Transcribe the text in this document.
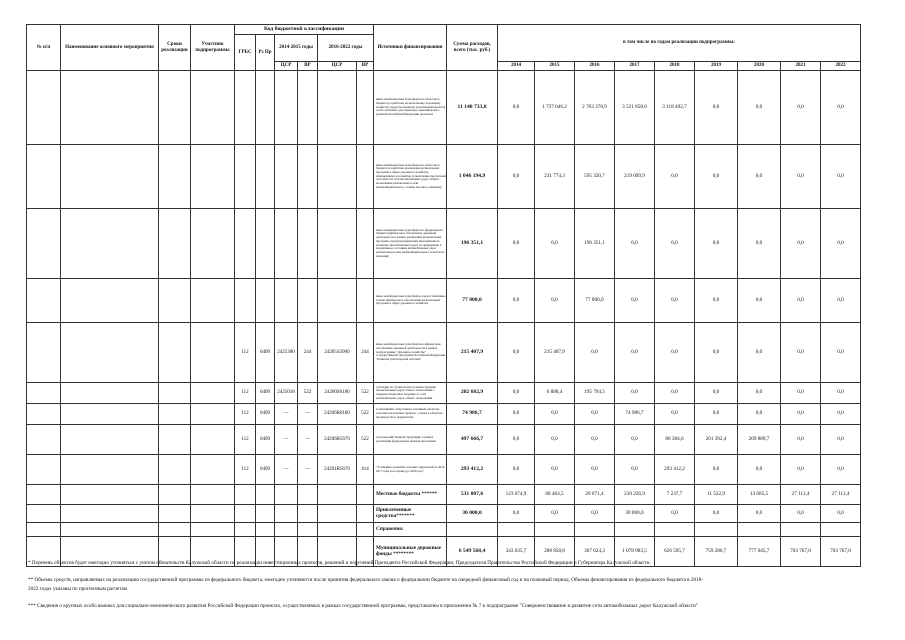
№ п/п	Наименование основного мероприятия	Сроки реализации	Участник подпрограммы	Код бюджетной классификации						Источники финансирования	Сумма расходов, всего (тыс. руб.)	в том числе по годам реализации подпрограммы:								
				ГРБС	Рз Пр	2014-2015 годы		2016-2022 годы												

						ЦСР	ВР	ЦСР	ВР			2014	2015	2016	2017	2018	2019	2020	2021	2022
										иные межбюджетные трансферты из областного бюджета (содействие региональному дорожному хозяйству, предусмотренному реализацией проектов особо значимых для социально-экономического развития Российской Федерации проектов)	11 140 733,8	0,0	1 737 046,2	2 763 376,9	3 521 858,0	3 118 492,7	0,0	0,0	0,0	0,0
										иные межбюджетные трансферты из областного бюджета (содействие реализации региональных программ в сфере дорожного хозяйства, направленных на развитие и увеличение пропускной способности сети автомобильных дорог общего пользования регионального или межмуниципального, а также местного значения)	1 046 194,9	0,0	231 774,3	595 320,7	219 099,9	0,0	0,0	0,0	0,0	0,0
										иные межбюджетные трансферты из федерального бюджета (финансовое обеспечение дорожной деятельности в рамках реализации региональных программ, предусматривающих мероприятия по развитию автомобильных дорог по приведению в нормативное состояние автомобильных дорог регионального или межмуниципального и местного значения)	196 351,1	0,0	0,0	196 351,1	0,0	0,0	0,0	0,0	0,0	0,0
										иные межбюджетные трансферты, предоставляемые в целях финансового обеспечения региональных программ в сфере дорожного хозяйства	77 800,0	0,0	0,0	77 800,0	0,0	0,0	0,0	0,0	0,0	0,0
				112	0409	2425300	244	24205S3900	244	иные межбюджетные трансферты на финансовое обеспечение дорожной деятельности в рамках подпрограммы "Дорожное хозяйство" государственной программы Российской Федерации "Развитие транспортной системы"	215 407,9	0,0	215 407,9	0,0	0,0	0,0	0,0	0,0	0,0	0,0
				112	0409	2425018	522	24200S0180	522	Субсидии на строительство и реконструкцию автомобильных дорог общего пользования с твердым покрытием, ведущих от сети автомобильных дорог общего пользования	202 682,9	0,0	6 888,4	195 794,5	0,0	0,0	0,0	0,0	0,0	0,0
				112	0409	—	—	24206R0180	522	к ближайшим общественно значимым объектам сельских населенных пунктов, а также к объектам производства и переработки	74 986,7	0,0	0,0	0,0	74 986,7	0,0	0,0	0,0	0,0	0,0
				112	0409	—	—	24206R5670	522	сельскохозяйственной продукции, в рамках реализации федеральной целевой программы	497 666,7	0,0	0,0	0,0	0,0	86 384,6	201 392,4	209 889,7	0,0	0,0
				112	0409	—	—	24201R5670	414	"Устойчивое развитие сельских территорий на 2014-2017 годы и на период до 2020 года"	293 412,2	0,0	0,0	0,0	0,0	293 412,2	0,0	0,0	0,0	0,0
										Местные бюджеты ******	531 087,6	123 674,9	68 463,5	20 071,4	210 226,9	7 237,7	11 522,9	13 685,5	27 112,4	27 112,4
										Привлеченные средства*******	30 000,0	0,0	0,0	0,0	30 000,0	0,0	0,0	0,0	0,0	0,0
										Справочно:										
										Муниципальные дорожные фонды ********	6 549 568,4	343 635,7	288 858,8	367 624,3	1 078 983,5	626 595,7	759 280,7	777 045,7	703 767,0	703 767,0
* Перечень объектов будет ежегодно уточняться с учетом обязательств Калужской области по реализации инвестиционных проектов, решений и поручений Президента Российской Федерации, Председателя Правительства Российской Федерации и Губернатора Калужской области.
** Объемы средств, направляемых на реализацию государственной программы из федерального бюджета, ежегодно уточняются после принятия федерального закона о федеральном бюджете на очередной финансовый год и на плановый период. Объемы финансирования из федерального бюджета в 2018-
2022 годах указаны по прогнозным расчетам
*** Сведения о крупных особо важных для социально-экономического развития Российской Федерации проектах, осуществляемых в рамках государственной программы, представлены в приложении № 7 к подпрограмме "Совершенствование и развитие сети автомобильных дорог Калужской области"
